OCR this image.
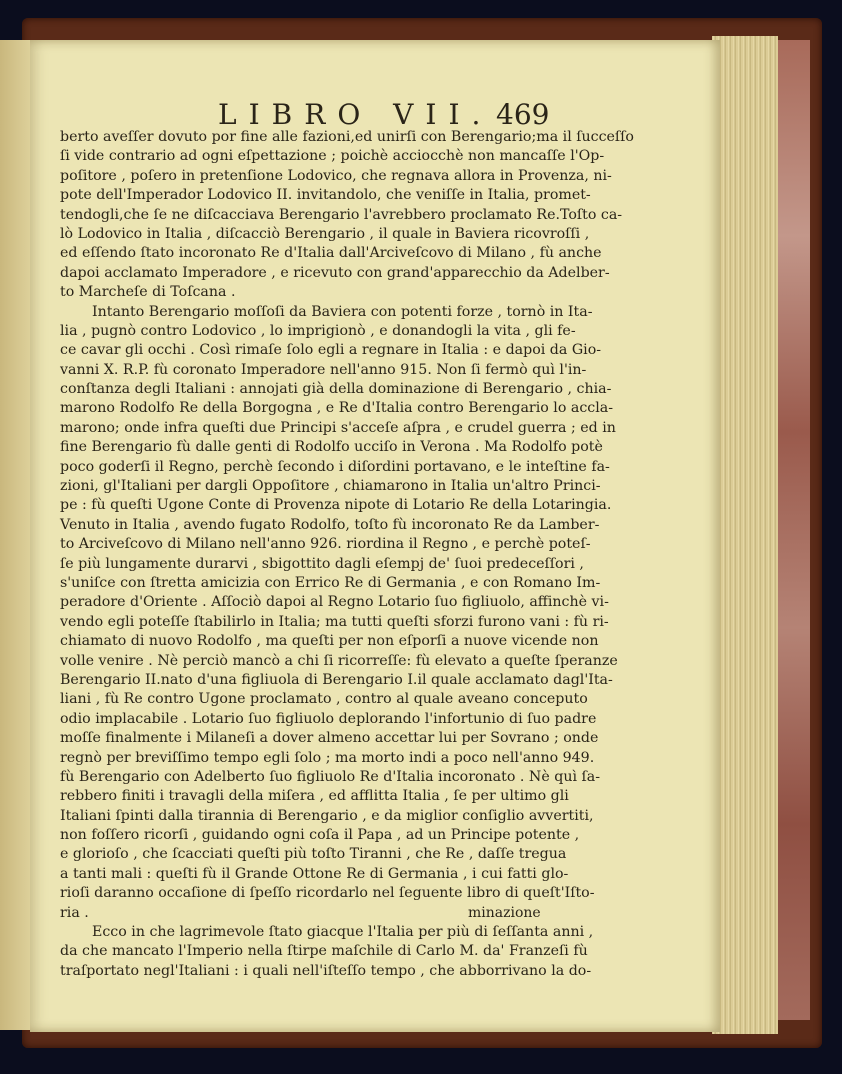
LIBRO VII. 469
berto aveſſer dovuto por fine alle fazioni,ed unirſi con Berengario;ma il ſucceſſo
ſi vide contrario ad ogni eſpettazione ; poichè acciocchè non mancaſſe l'Op-
poſitore , poſero in pretenſione Lodovico, che regnava allora in Provenza, ni-
pote dell'Imperador Lodovico II. invitandolo, che veniſſe in Italia, promet-
tendogli,che ſe ne diſcacciava Berengario l'avrebbero proclamato Re.Toſto ca-
lò Lodovico in Italia , diſcacciò Berengario , il quale in Baviera ricovroſſi ,
ed eſſendo ſtato incoronato Re d'Italia dall'Arciveſcovo di Milano , fù anche
dapoi acclamato Imperadore , e ricevuto con grand'apparecchio da Adelber-
to Marcheſe di Toſcana .
Intanto Berengario moſſoſi da Baviera con potenti forze , tornò in Ita-
lia , pugnò contro Lodovico , lo imprigionò , e donandogli la vita , gli fe-
ce cavar gli occhi . Così rimaſe ſolo egli a regnare in Italia : e dapoi da Gio-
vanni X. R.P. fù coronato Imperadore nell'anno 915. Non ſi fermò quì l'in-
conſtanza degli Italiani : annojati già della dominazione di Berengario , chia-
marono Rodolfo Re della Borgogna , e Re d'Italia contro Berengario lo accla-
marono; onde infra queſti due Principi s'acceſe aſpra , e crudel guerra ; ed in
fine Berengario fù dalle genti di Rodolfo ucciſo in Verona . Ma Rodolfo potè
poco goderſi il Regno, perchè ſecondo i diſordini portavano, e le inteſtine fa-
zioni, gl'Italiani per dargli Oppoſitore , chiamarono in Italia un'altro Princi-
pe : fù queſti Ugone Conte di Provenza nipote di Lotario Re della Lotaringia.
Venuto in Italia , avendo fugato Rodolfo, toſto fù incoronato Re da Lamber-
to Arciveſcovo di Milano nell'anno 926. riordina il Regno , e perchè poteſ-
ſe più lungamente durarvi , sbigottito dagli eſempj de' ſuoi predeceſſori ,
s'uniſce con ſtretta amicizia con Errico Re di Germania , e con Romano Im-
peradore d'Oriente . Aſſociò dapoi al Regno Lotario ſuo figliuolo, affinchè vi-
vendo egli poteſſe ſtabilirlo in Italia; ma tutti queſti sforzi furono vani : fù ri-
chiamato di nuovo Rodolfo , ma queſti per non eſporſi a nuove vicende non
volle venire . Nè perciò mancò a chi ſi ricorreſſe: fù elevato a queſte ſperanze
Berengario II.nato d'una figliuola di Berengario I.il quale acclamato dagl'Ita-
liani , fù Re contro Ugone proclamato , contro al quale aveano conceputo
odio implacabile . Lotario ſuo figliuolo deplorando l'infortunio di ſuo padre
moſſe finalmente i Milaneſi a dover almeno accettar lui per Sovrano ; onde
regnò per breviſſimo tempo egli ſolo ; ma morto indi a poco nell'anno 949.
fù Berengario con Adelberto ſuo figliuolo Re d'Italia incoronato . Nè quì ſa-
rebbero finiti i travagli della miſera , ed afflitta Italia , ſe per ultimo gli
Italiani ſpinti dalla tirannia di Berengario , e da miglior conſiglio avvertiti,
non foſſero ricorſi , guidando ogni coſa il Papa , ad un Principe potente ,
e glorioſo , che ſcacciati queſti più toſto Tiranni , che Re , daſſe tregua
a tanti mali : queſti fù il Grande Ottone Re di Germania , i cui fatti glo-
rioſi daranno occaſione di ſpeſſo ricordarlo nel ſeguente libro di queſt'Iſto-
ria .
Ecco in che lagrimevole ſtato giacque l'Italia per più di ſeſſanta anni ,
da che mancato l'Imperio nella ſtirpe maſchile di Carlo M. da' Franzeſi fù
traſportato negl'Italiani : i quali nell'iſteſſo tempo , che abborrivano la do-
minazione
